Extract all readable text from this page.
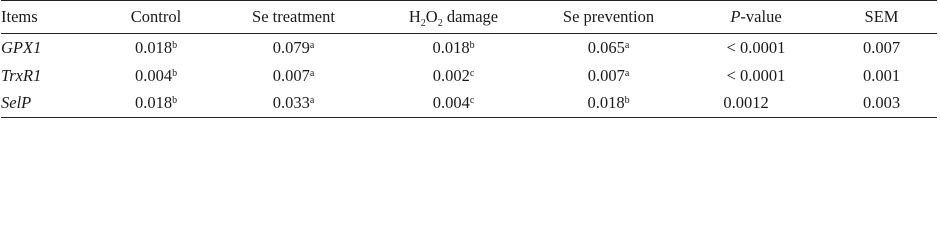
Items	Control	Se treatment	$H_2O_2$ damage	Se prevention	P-value	SEM
GPX1	0.018$^b$	0.079$^a$	0.018$^b$	0.065$^a$	< 0.0001	0.007
TrxR1	0.004$^b$	0.007$^a$	0.002$^c$	0.007$^a$	< 0.0001	0.001
SelP	0.018$^b$	0.033$^a$	0.004$^c$	0.018$^b$	0.0012	0.003
